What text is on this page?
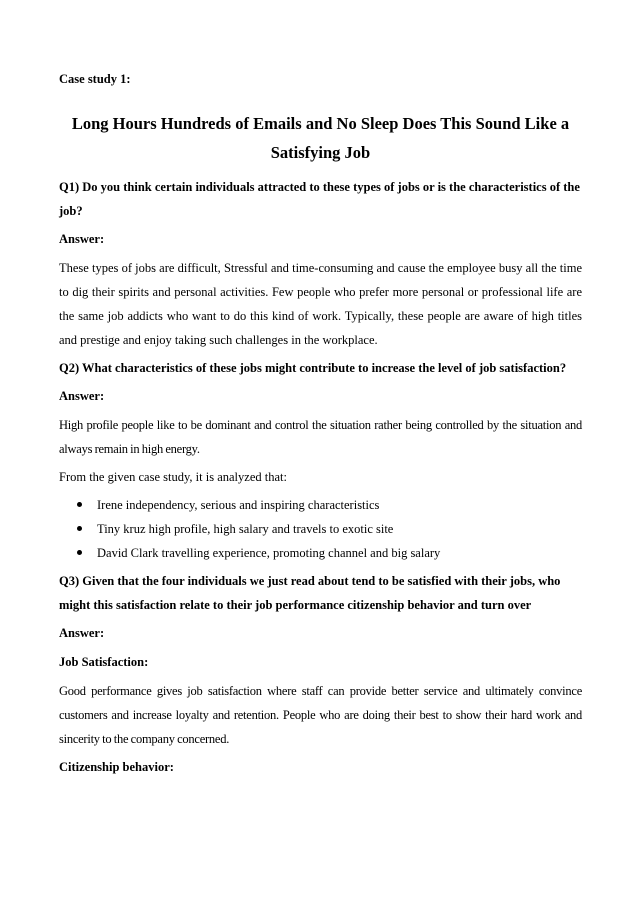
Case study 1:
Long Hours Hundreds of Emails and No Sleep Does This Sound Like a
Satisfying Job
Q1) Do you think certain individuals attracted to these types of jobs or is the characteristics of the job?
Answer:
These types of jobs are difficult, Stressful and time-consuming and cause the employee busy all the time to dig their spirits and personal activities. Few people who prefer more personal or professional life are the same job addicts who want to do this kind of work. Typically, these people are aware of high titles and prestige and enjoy taking such challenges in the workplace.
Q2) What characteristics of these jobs might contribute to increase the level of job satisfaction?
Answer:
High profile people like to be dominant and control the situation rather being controlled by the situation and always remain in high energy.
From the given case study, it is analyzed that:
Irene independency, serious and inspiring characteristics
Tiny kruz high profile, high salary and travels to exotic site
David Clark travelling experience, promoting channel and big salary
Q3) Given that the four individuals we just read about tend to be satisfied with their jobs, who might this satisfaction relate to their job performance citizenship behavior and turn over
Answer:
Job Satisfaction:
Good performance gives job satisfaction where staff can provide better service and ultimately convince customers and increase loyalty and retention. People who are doing their best to show their hard work and sincerity to the company concerned.
Citizenship behavior:
